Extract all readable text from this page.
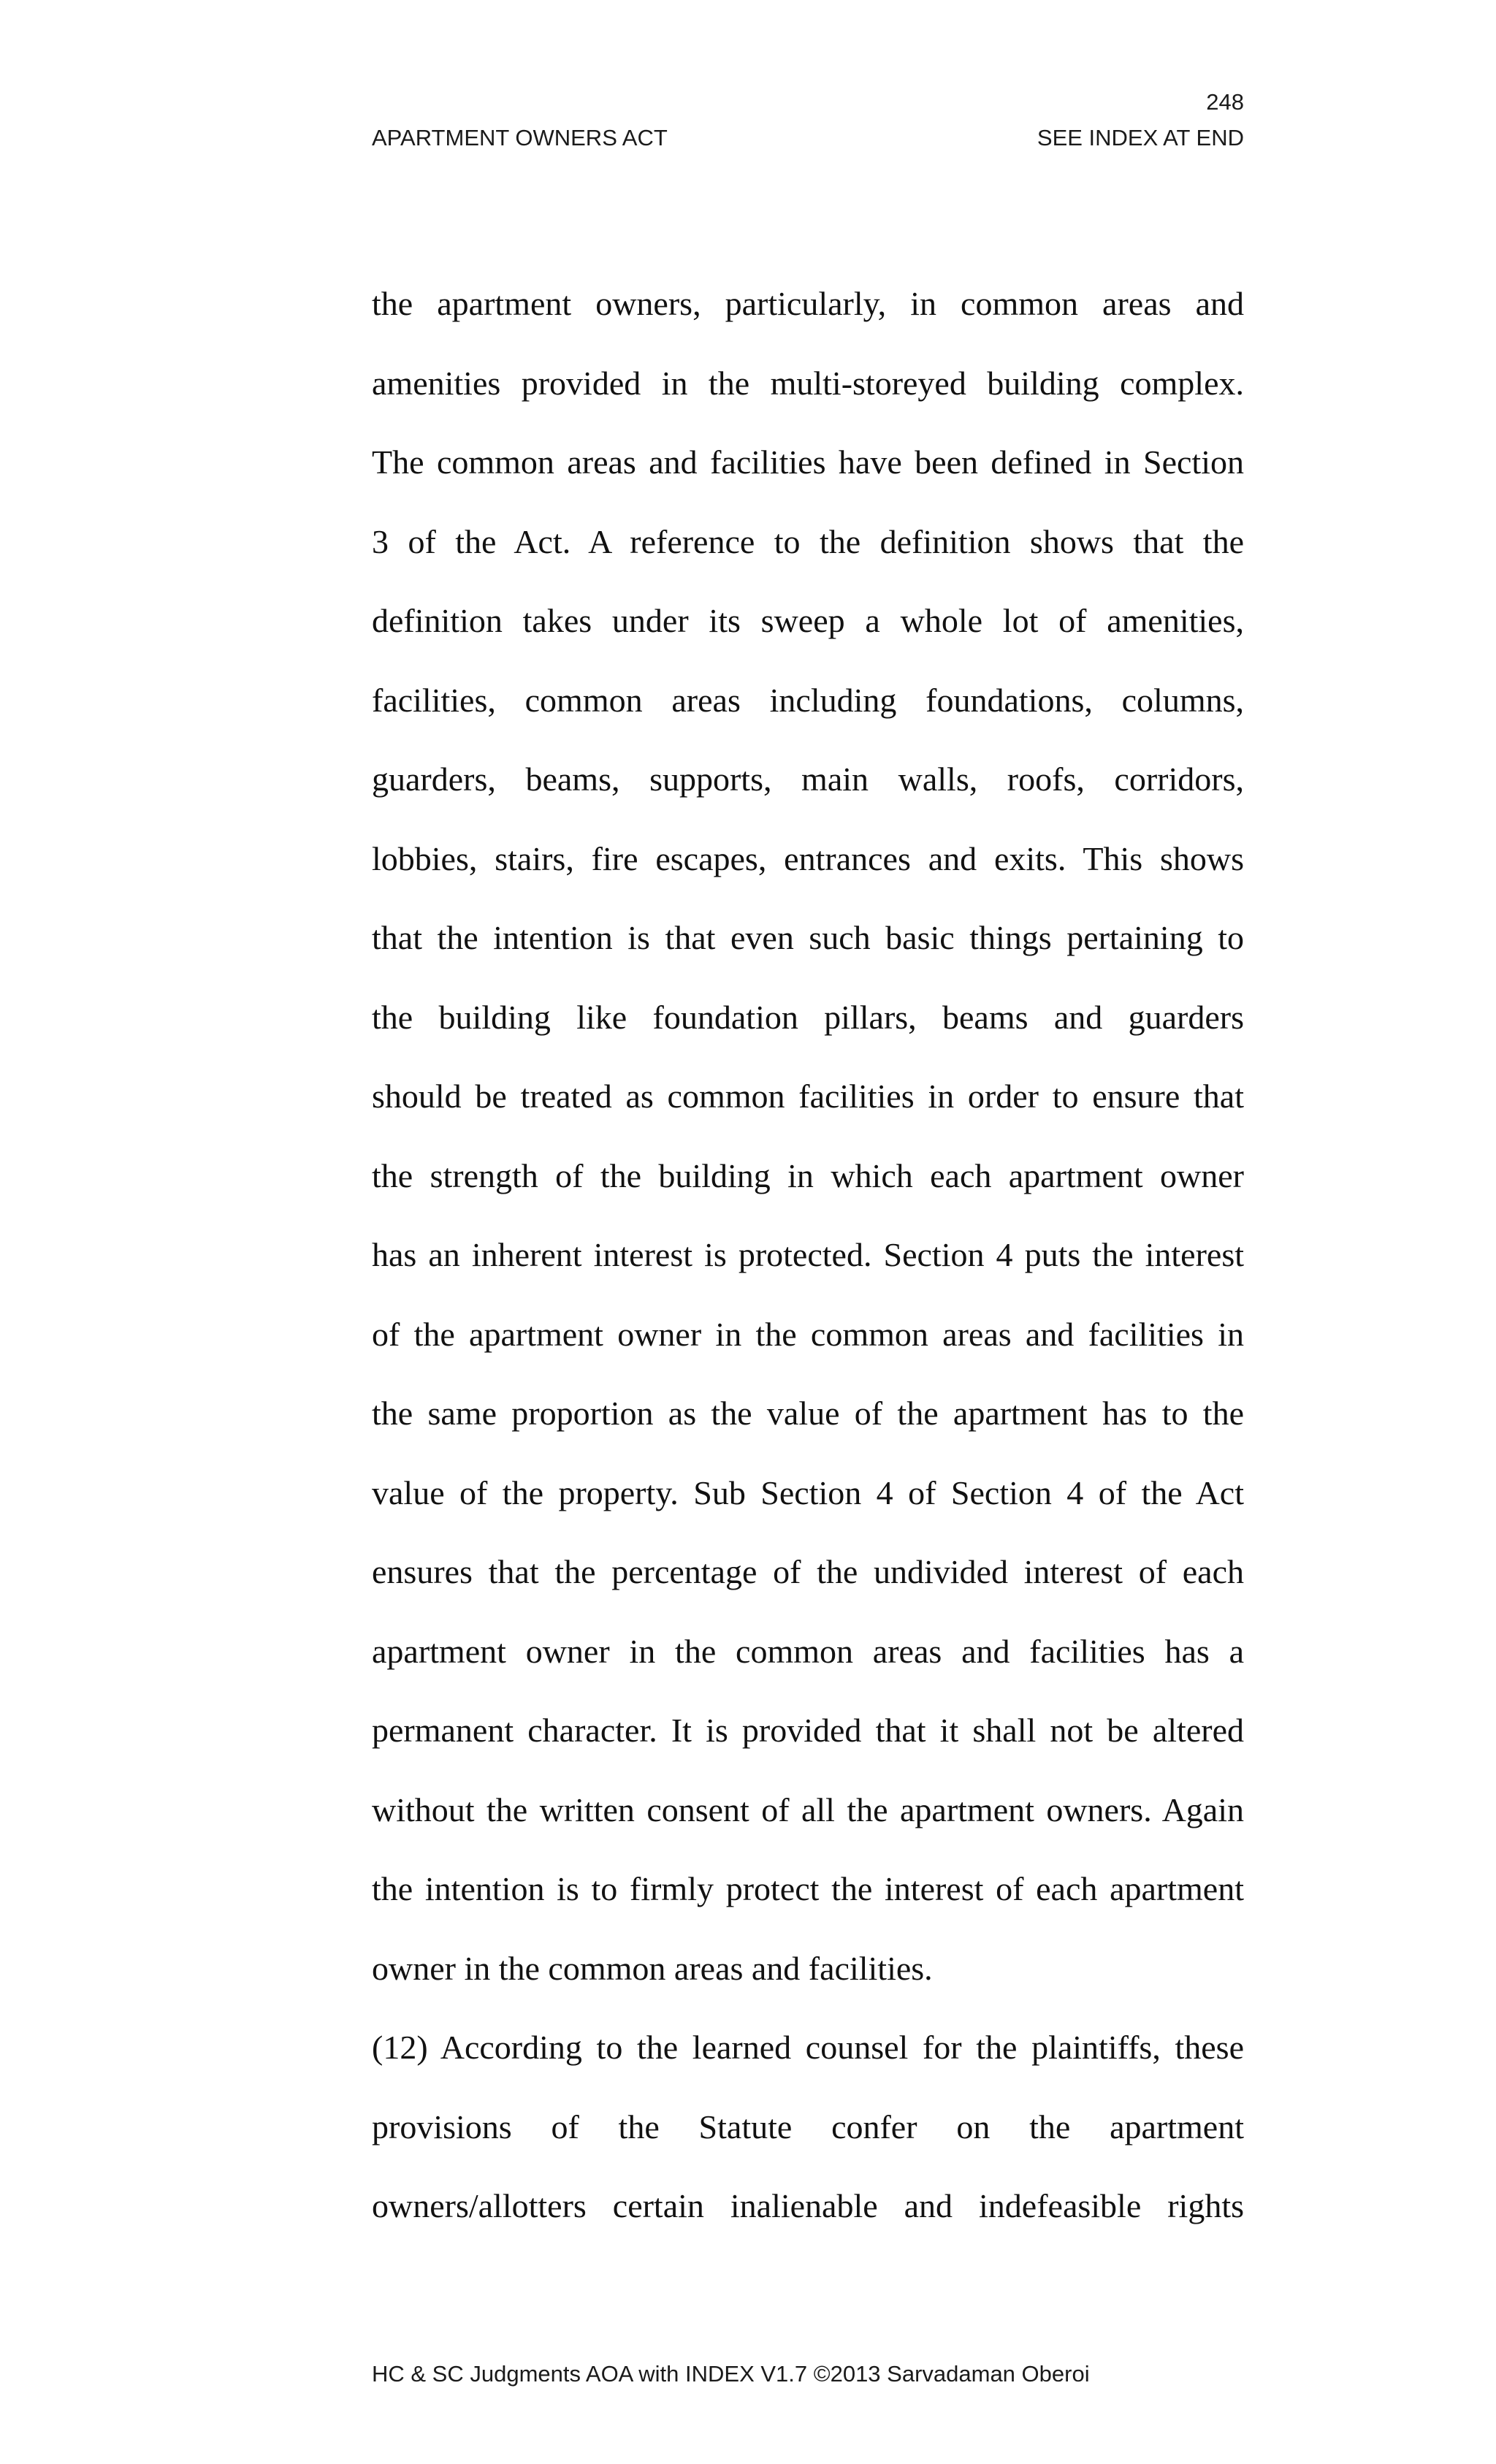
248
APARTMENT OWNERS ACT	SEE INDEX AT END
the apartment owners, particularly, in common areas and
amenities provided in the multi-storeyed building complex.
The common areas and facilities have been defined in Section
3 of the Act. A reference to the definition shows that the
definition takes under its sweep a whole lot of amenities,
facilities, common areas including foundations, columns,
guarders, beams, supports, main walls, roofs, corridors,
lobbies, stairs, fire escapes, entrances and exits. This shows
that the intention is that even such basic things pertaining to
the building like foundation pillars, beams and guarders
should be treated as common facilities in order to ensure that
the strength of the building in which each apartment owner
has an inherent interest is protected. Section 4 puts the interest
of the apartment owner in the common areas and facilities in
the same proportion as the value of the apartment has to the
value of the property. Sub Section 4 of Section 4 of the Act
ensures that the percentage of the undivided interest of each
apartment owner in the common areas and facilities has a
permanent character. It is provided that it shall not be altered
without the written consent of all the apartment owners. Again
the intention is to firmly protect the interest of each apartment
owner in the common areas and facilities.
(12) According to the learned counsel for the plaintiffs, these
provisions of the Statute confer on the apartment
owners/allotters certain inalienable and indefeasible rights
HC & SC Judgments AOA with INDEX V1.7 ©2013 Sarvadaman Oberoi
